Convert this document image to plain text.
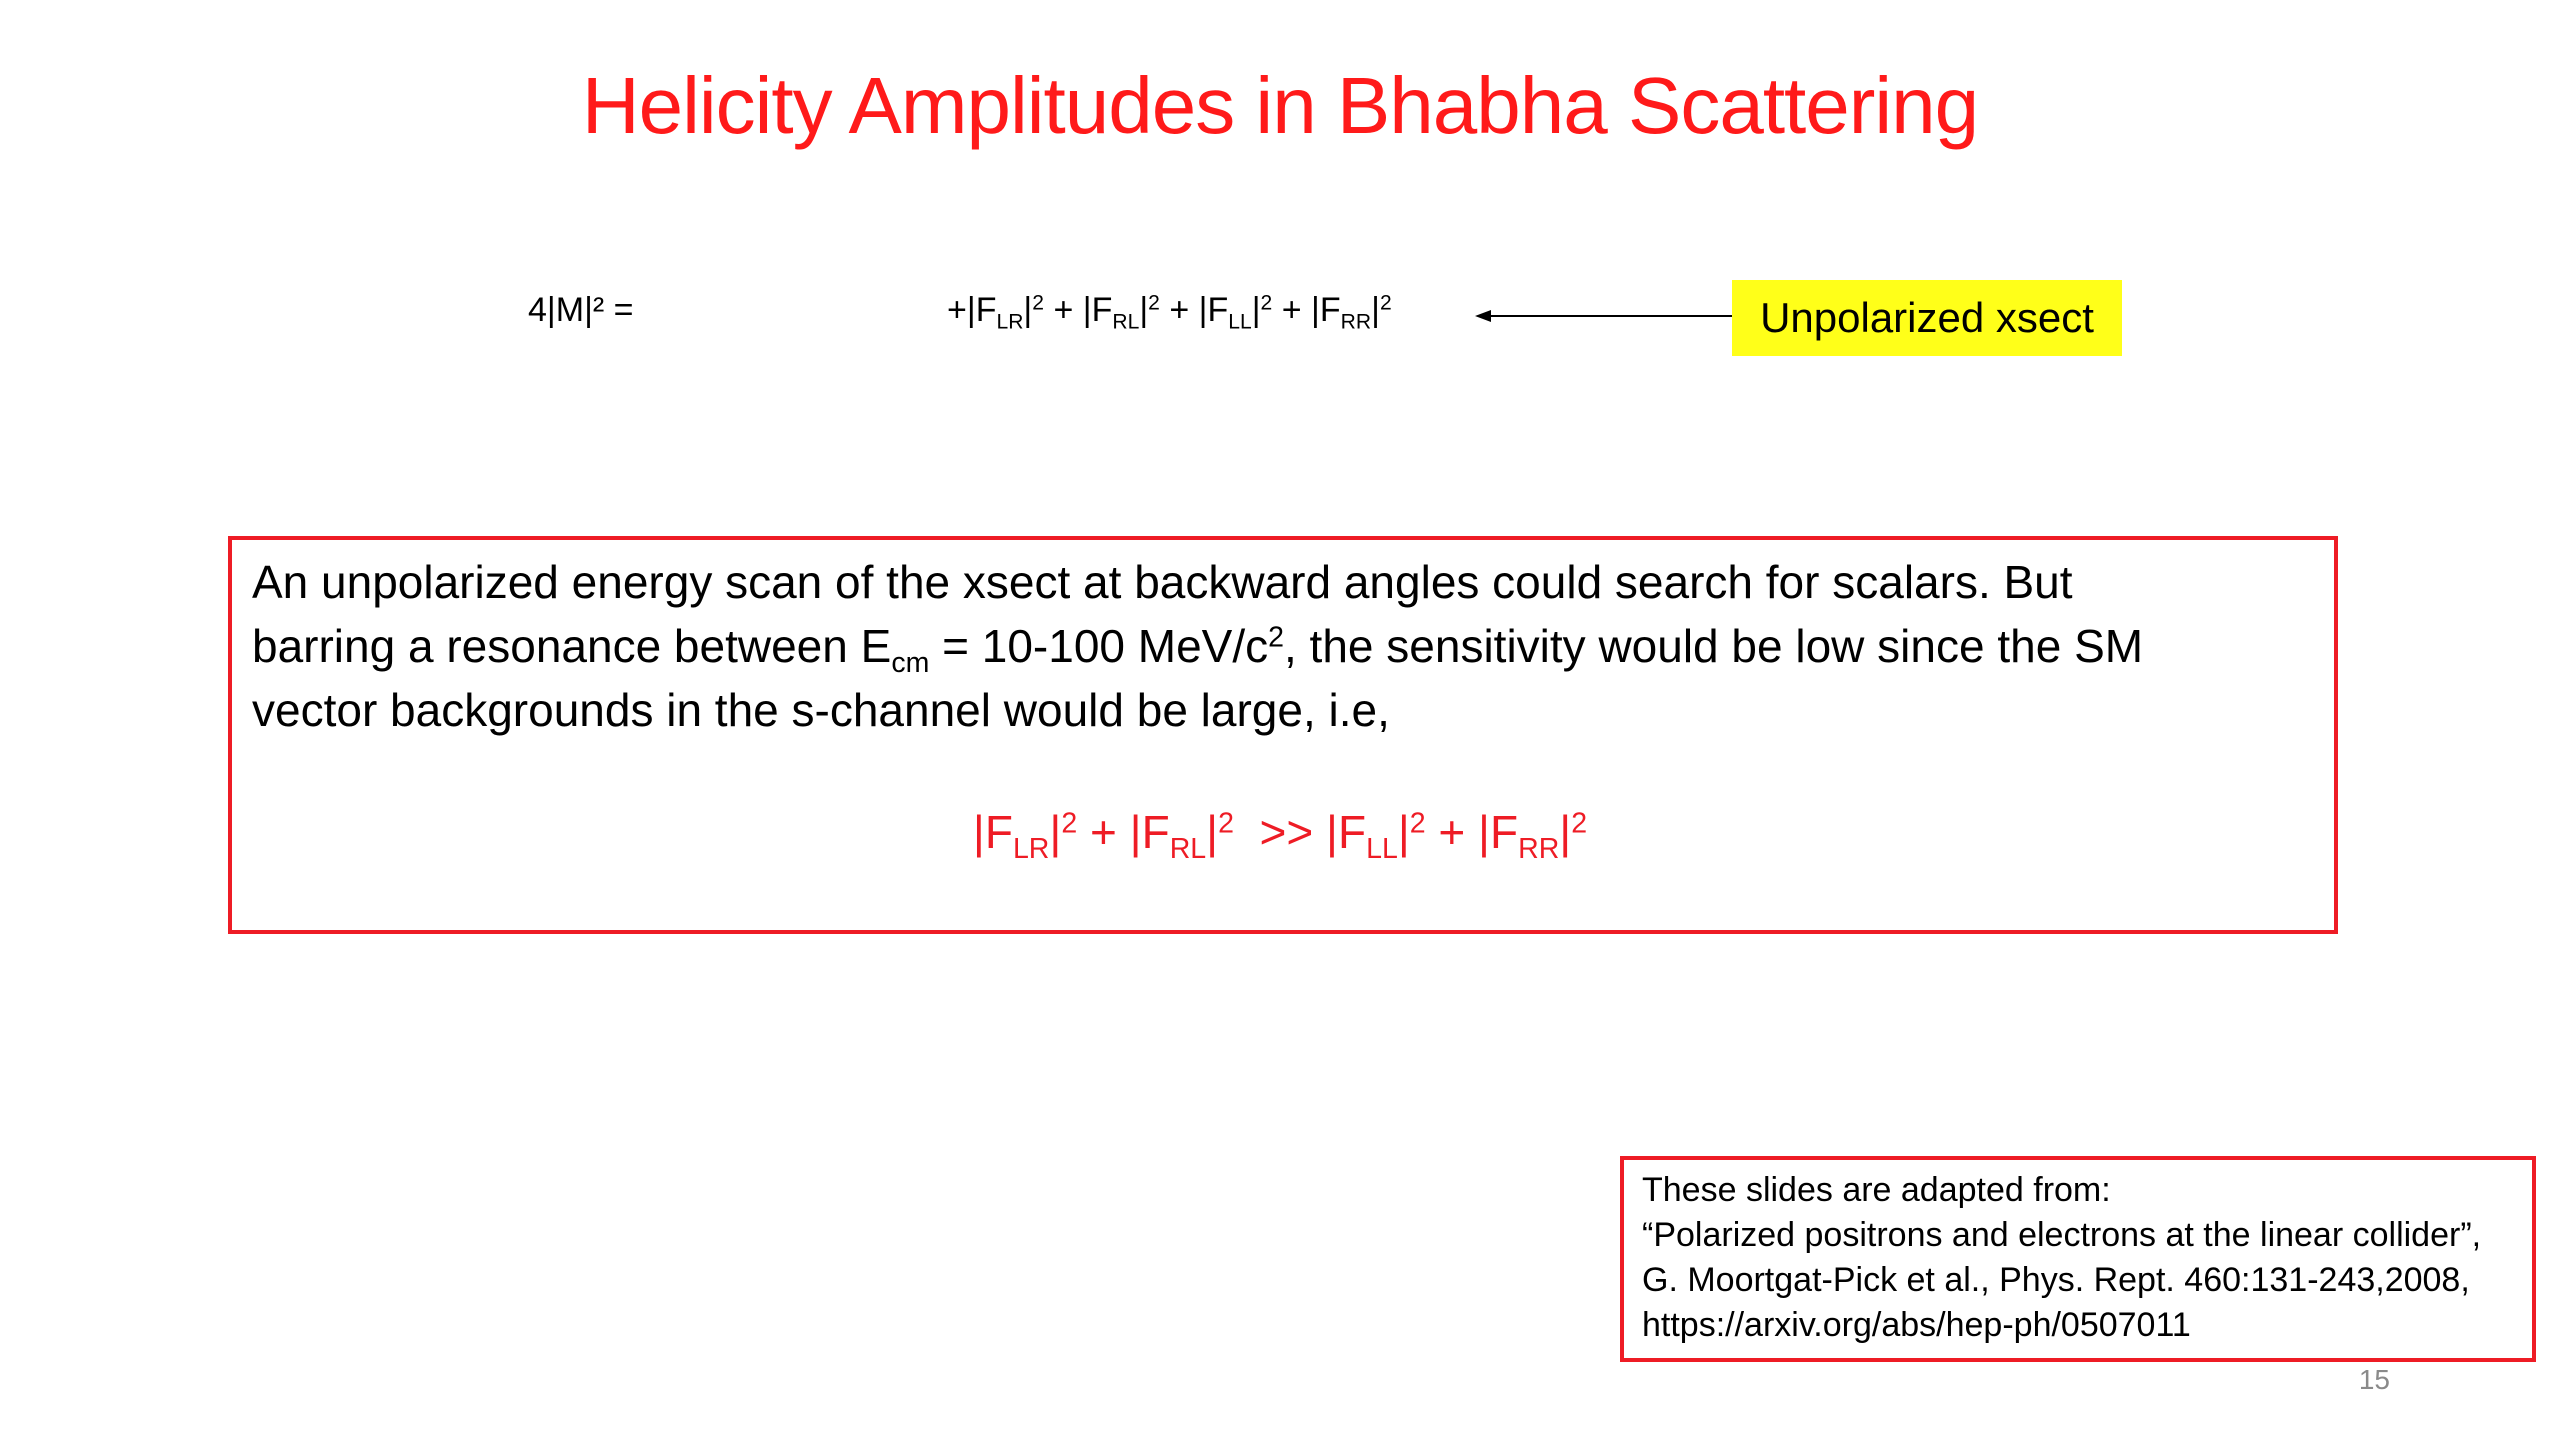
Helicity Amplitudes in Bhabha Scattering
4|M|² =	$+|F_{LR}|^2 + |F_{RL}|^2 + |F_{LL}|^2 + |F_{RR}|^2$	Unpolarized xsect
An unpolarized energy scan of the xsect at backward angles could search for scalars. But
barring a resonance between $E_{cm} = 10-100$ MeV/$c^2$, the sensitivity would be low since the SM
vector backgrounds in the s-channel would be large, i.e,
$|F_{LR}|^2 + |F_{RL}|^2 >> |F_{LL}|^2 + |F_{RR}|^2$
These slides are adapted from:
“Polarized positrons and electrons at the linear collider”,
G. Moortgat-Pick et al., Phys. Rept. 460:131-243,2008,
https://arxiv.org/abs/hep-ph/0507011
15
